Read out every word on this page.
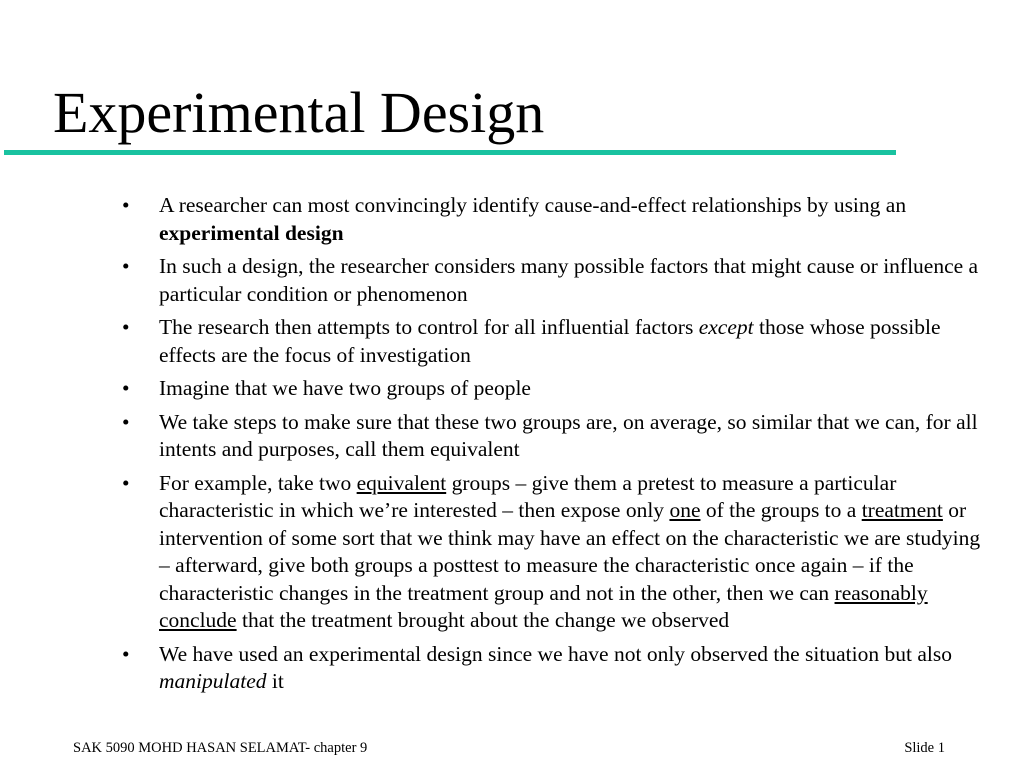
Experimental Design
• A researcher can most convincingly identify cause-and-effect relationships by using an experimental design
• In such a design, the researcher considers many possible factors that might cause or influence a particular condition or phenomenon
• The research then attempts to control for all influential factors except those whose possible effects are the focus of investigation
• Imagine that we have two groups of people
• We take steps to make sure that these two groups are, on average, so similar that we can, for all intents and purposes, call them equivalent
• For example, take two equivalent groups – give them a pretest to measure a particular characteristic in which we’re interested – then expose only one of the groups to a treatment or intervention of some sort that we think may have an effect on the characteristic we are studying – afterward, give both groups a posttest to measure the characteristic once again – if the characteristic changes in the treatment group and not in the other, then we can reasonably conclude that the treatment brought about the change we observed
• We have used an experimental design since we have not only observed the situation but also manipulated it
SAK 5090 MOHD HASAN SELAMAT- chapter 9	Slide 1
